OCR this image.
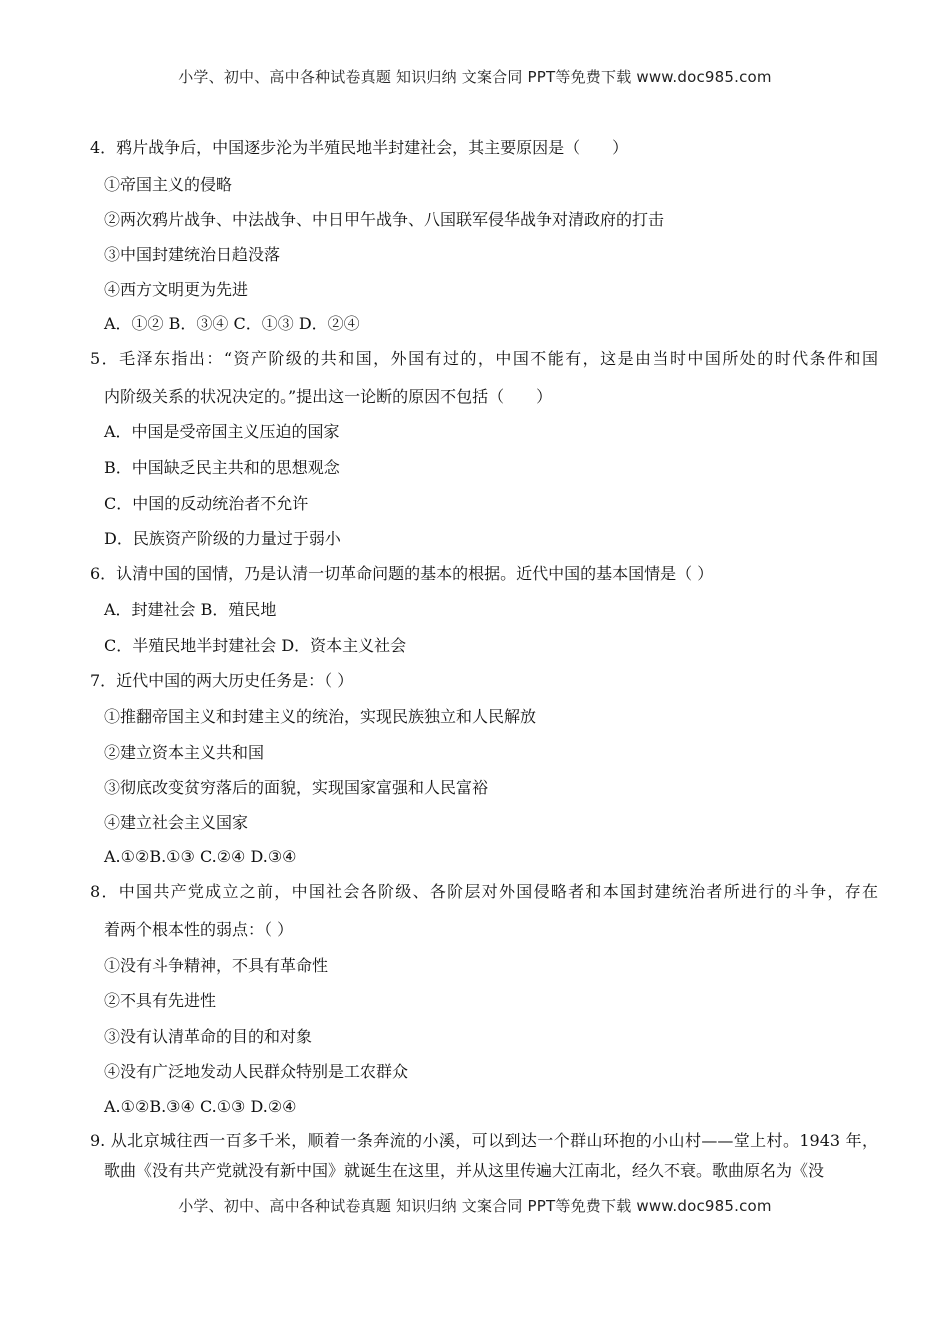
小学、初中、高中各种试卷真题 知识归纳 文案合同 PPT等免费下载 www.doc985.com
4．鸦片战争后，中国逐步沦为半殖民地半封建社会，其主要原因是（　　）
①帝国主义的侵略
②两次鸦片战争、中法战争、中日甲午战争、八国联军侵华战争对清政府的打击
③中国封建统治日趋没落
④西方文明更为先进
A．①② B．③④ C．①③ D．②④
5．毛泽东指出：“资产阶级的共和国，外国有过的，中国不能有，这是由当时中国所处的时代条件和国
内阶级关系的状况决定的。”提出这一论断的原因不包括（　　）
A．中国是受帝国主义压迫的国家
B．中国缺乏民主共和的思想观念
C．中国的反动统治者不允许
D．民族资产阶级的力量过于弱小
6．认清中国的国情，乃是认清一切革命问题的基本的根据。近代中国的基本国情是（ ）
A．封建社会 B．殖民地
C．半殖民地半封建社会 D．资本主义社会
7．近代中国的两大历史任务是：（ ）
①推翻帝国主义和封建主义的统治，实现民族独立和人民解放
②建立资本主义共和国
③彻底改变贫穷落后的面貌，实现国家富强和人民富裕
④建立社会主义国家
A.①②B.①③ C.②④ D.③④
8．中国共产党成立之前，中国社会各阶级、各阶层对外国侵略者和本国封建统治者所进行的斗争，存在
着两个根本性的弱点：（ ）
①没有斗争精神，不具有革命性
②不具有先进性
③没有认清革命的目的和对象
④没有广泛地发动人民群众特别是工农群众
A.①②B.③④ C.①③ D.②④
9. 从北京城往西一百多千米，顺着一条奔流的小溪，可以到达一个群山环抱的小山村——堂上村。1943 年，
歌曲《没有共产党就没有新中国》就诞生在这里，并从这里传遍大江南北，经久不衰。歌曲原名为《没
小学、初中、高中各种试卷真题 知识归纳 文案合同 PPT等免费下载 www.doc985.com
